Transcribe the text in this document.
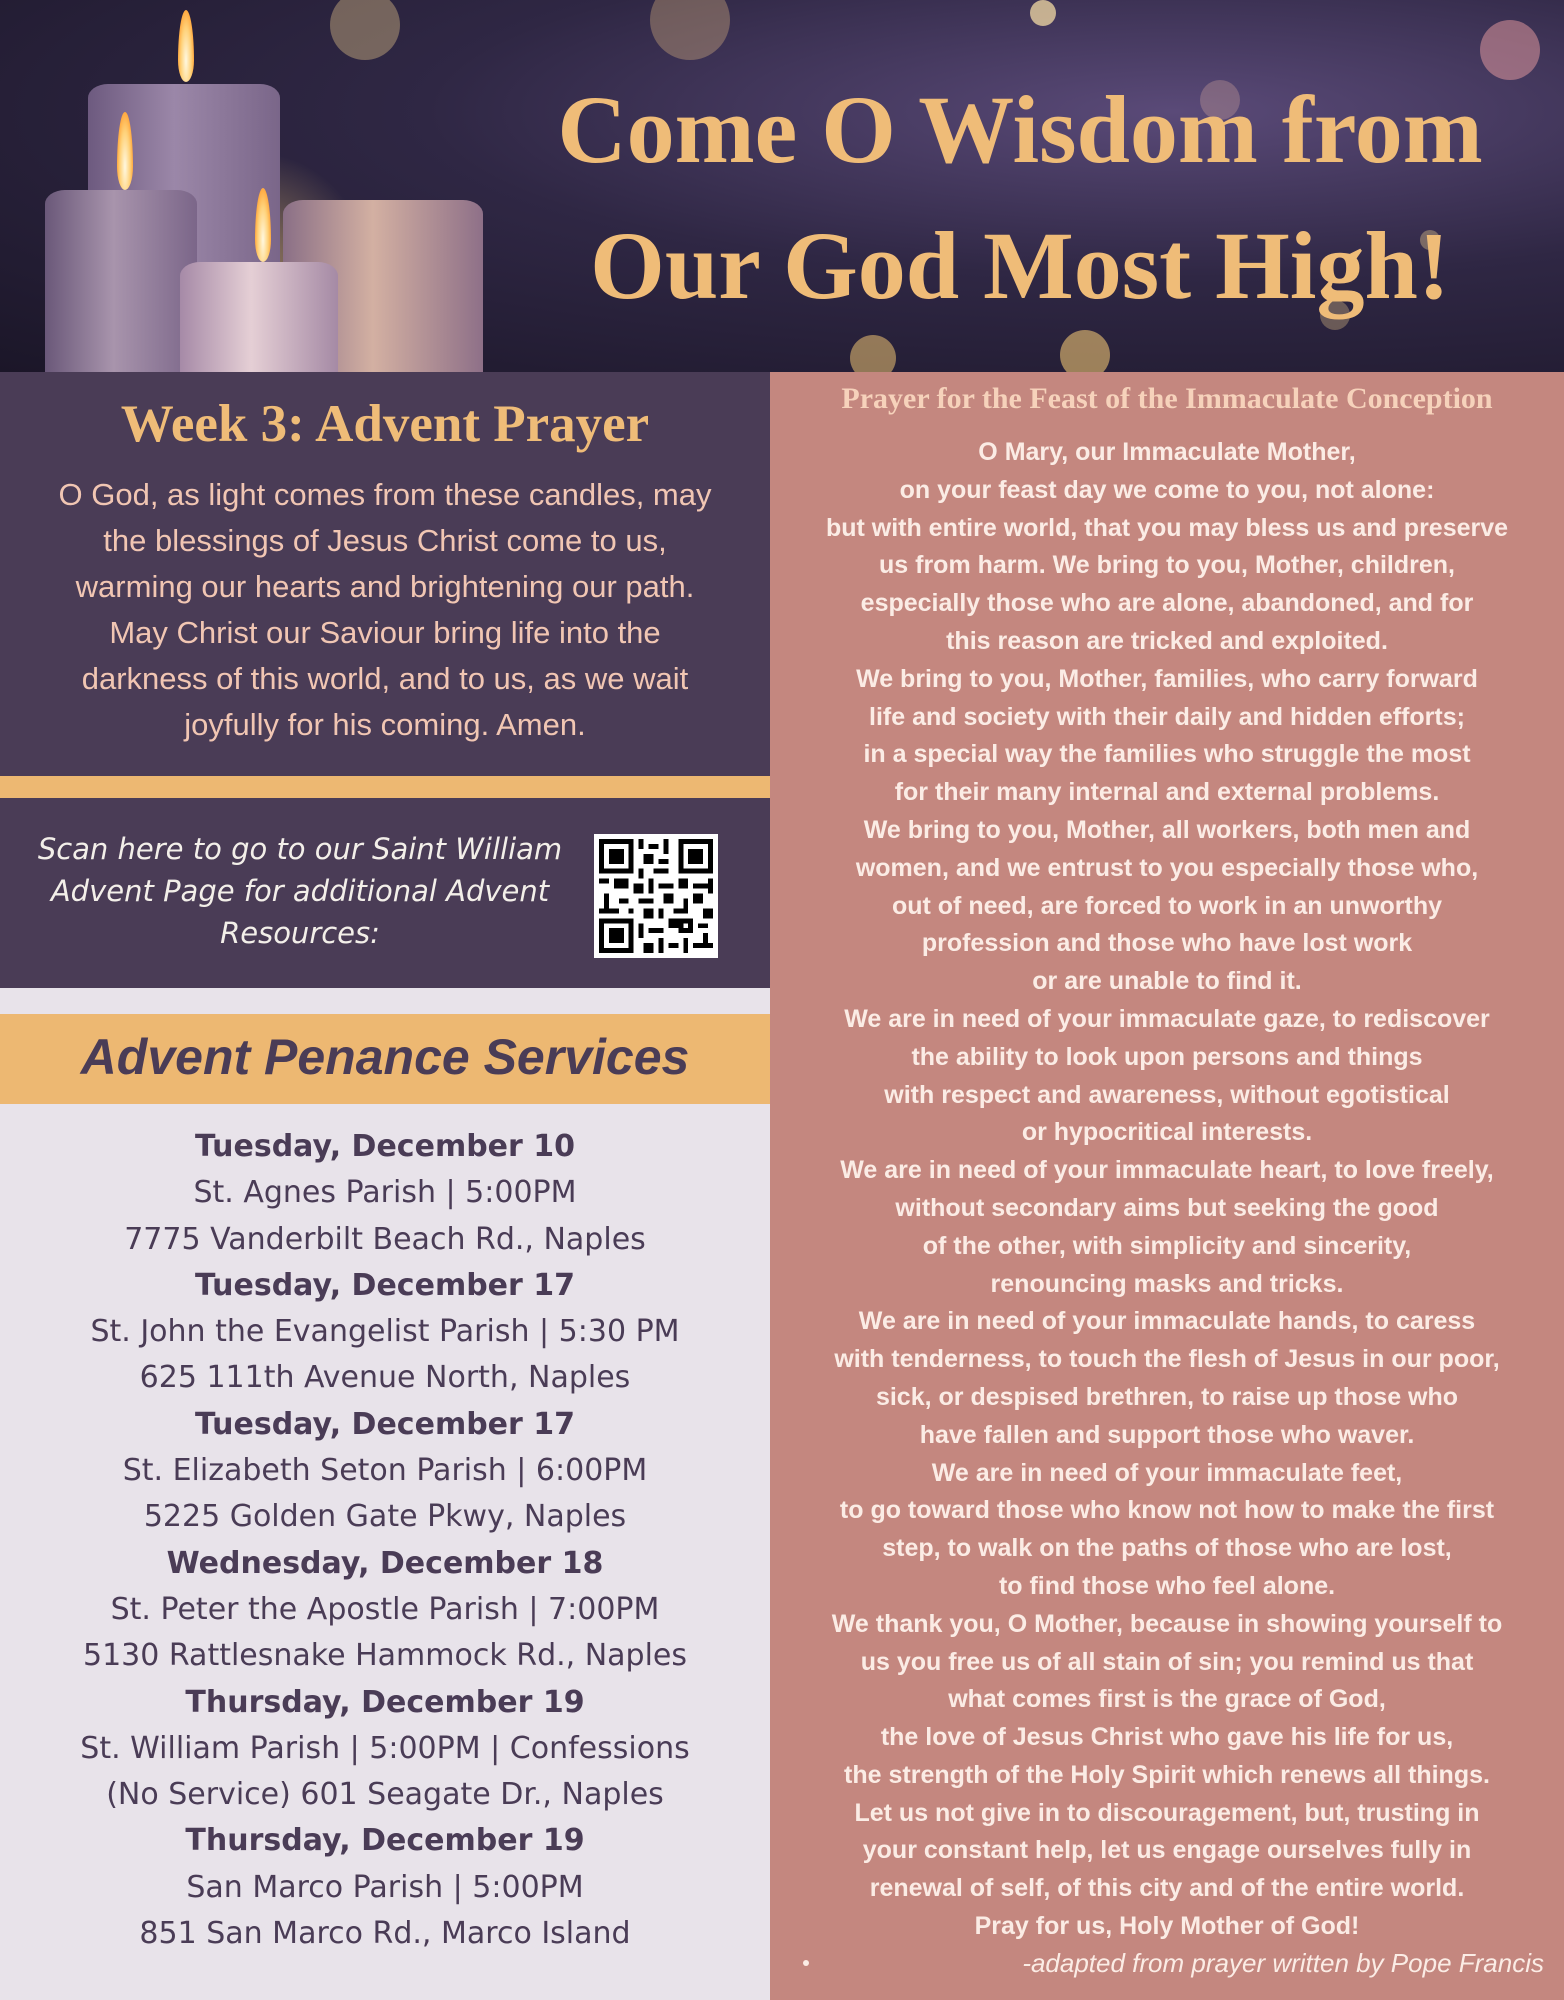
Come O Wisdom from
Our God Most High!
Week 3: Advent Prayer

O God, as light comes from these candles, may the blessings of Jesus Christ come to us, warming our hearts and brightening our path. May Christ our Saviour bring life into the darkness of this world, and to us, as we wait joyfully for his coming. Amen.

Scan here to go to our Saint William Advent Page for additional Advent Resources:

Advent Penance Services
Tuesday, December 10
St. Agnes Parish | 5:00PM
7775 Vanderbilt Beach Rd., Naples
Tuesday, December 17
St. John the Evangelist Parish | 5:30 PM
625 111th Avenue North, Naples
Tuesday, December 17
St. Elizabeth Seton Parish | 6:00PM
5225 Golden Gate Pkwy, Naples
Wednesday, December 18
St. Peter the Apostle Parish | 7:00PM
5130 Rattlesnake Hammock Rd., Naples
Thursday, December 19
St. William Parish | 5:00PM | Confessions
(No Service) 601 Seagate Dr., Naples
Thursday, December 19
San Marco Parish | 5:00PM
851 San Marco Rd., Marco Island
Prayer for the Feast of the Immaculate Conception
O Mary, our Immaculate Mother,
on your feast day we come to you, not alone:
but with entire world, that you may bless us and preserve
us from harm. We bring to you, Mother, children,
especially those who are alone, abandoned, and for
this reason are tricked and exploited.
We bring to you, Mother, families, who carry forward
life and society with their daily and hidden efforts;
in a special way the families who struggle the most
for their many internal and external problems.
We bring to you, Mother, all workers, both men and
women, and we entrust to you especially those who,
out of need, are forced to work in an unworthy
profession and those who have lost work
or are unable to find it.
We are in need of your immaculate gaze, to rediscover
the ability to look upon persons and things
with respect and awareness, without egotistical
or hypocritical interests.
We are in need of your immaculate heart, to love freely,
without secondary aims but seeking the good
of the other, with simplicity and sincerity,
renouncing masks and tricks.
We are in need of your immaculate hands, to caress
with tenderness, to touch the flesh of Jesus in our poor,
sick, or despised brethren, to raise up those who
have fallen and support those who waver.
We are in need of your immaculate feet,
to go toward those who know not how to make the first
step, to walk on the paths of those who are lost,
to find those who feel alone.
We thank you, O Mother, because in showing yourself to
us you free us of all stain of sin; you remind us that
what comes first is the grace of God,
the love of Jesus Christ who gave his life for us,
the strength of the Holy Spirit which renews all things.
Let us not give in to discouragement, but, trusting in
your constant help, let us engage ourselves fully in
renewal of self, of this city and of the entire world.
Pray for us, Holy Mother of God!

-adapted from prayer written by Pope Francis
